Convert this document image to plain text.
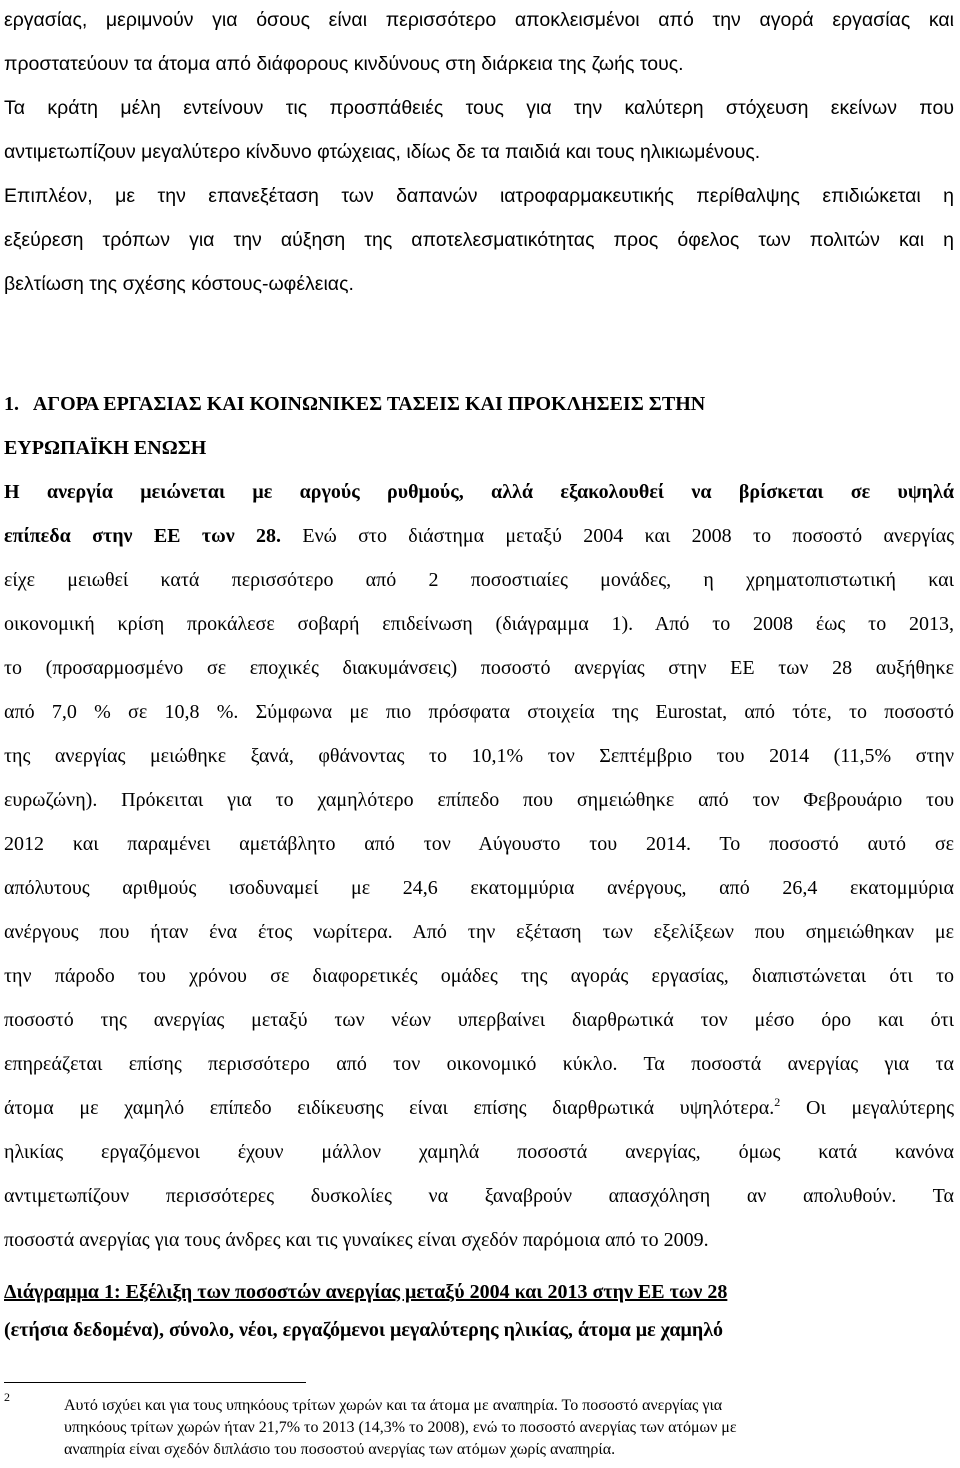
εργασίας, μεριμνούν για όσους είναι περισσότερο αποκλεισμένοι από την αγορά εργασίας και
προστατεύουν τα άτομα από διάφορους κινδύνους στη διάρκεια της ζωής τους.
Τα κράτη μέλη εντείνουν τις προσπάθειές τους για την καλύτερη στόχευση εκείνων που
αντιμετωπίζουν μεγαλύτερο κίνδυνο φτώχειας, ιδίως δε τα παιδιά και τους ηλικιωμένους.
Επιπλέον, με την επανεξέταση των δαπανών ιατροφαρμακευτικής περίθαλψης επιδιώκεται η
εξεύρεση τρόπων για την αύξηση της αποτελεσματικότητας προς όφελος των πολιτών και η
βελτίωση της σχέσης κόστους-ωφέλειας.
1.   ΑΓΟΡΑ ΕΡΓΑΣΙΑΣ ΚΑΙ ΚΟΙΝΩΝΙΚΕΣ ΤΑΣΕΙΣ ΚΑΙ ΠΡΟΚΛΗΣΕΙΣ ΣΤΗΝ
ΕΥΡΩΠΑΪΚΗ ΕΝΩΣΗ
Η ανεργία μειώνεται με αργούς ρυθμούς, αλλά εξακολουθεί να βρίσκεται σε υψηλά
επίπεδα στην ΕΕ των 28. Ενώ στο διάστημα μεταξύ 2004 και 2008 το ποσοστό ανεργίας
είχε μειωθεί κατά περισσότερο από 2 ποσοστιαίες μονάδες, η χρηματοπιστωτική και
οικονομική κρίση προκάλεσε σοβαρή επιδείνωση (διάγραμμα 1). Από το 2008 έως το 2013,
το (προσαρμοσμένο σε εποχικές διακυμάνσεις) ποσοστό ανεργίας στην ΕΕ των 28 αυξήθηκε
από 7,0 % σε 10,8 %. Σύμφωνα με πιο πρόσφατα στοιχεία της Eurostat, από τότε, το ποσοστό
της ανεργίας μειώθηκε ξανά, φθάνοντας το 10,1% τον Σεπτέμβριο του 2014 (11,5% στην
ευρωζώνη). Πρόκειται για το χαμηλότερο επίπεδο που σημειώθηκε από τον Φεβρουάριο του
2012 και παραμένει αμετάβλητο από τον Αύγουστο του 2014. Το ποσοστό αυτό σε
απόλυτους αριθμούς ισοδυναμεί με 24,6 εκατομμύρια ανέργους, από 26,4 εκατομμύρια
ανέργους που ήταν ένα έτος νωρίτερα. Από την εξέταση των εξελίξεων που σημειώθηκαν με
την πάροδο του χρόνου σε διαφορετικές ομάδες της αγοράς εργασίας, διαπιστώνεται ότι το
ποσοστό της ανεργίας μεταξύ των νέων υπερβαίνει διαρθρωτικά τον μέσο όρο και ότι
επηρεάζεται επίσης περισσότερο από τον οικονομικό κύκλο. Τα ποσοστά ανεργίας για τα
άτομα με χαμηλό επίπεδο ειδίκευσης είναι επίσης διαρθρωτικά υψηλότερα.$^2$ Οι μεγαλύτερης
ηλικίας εργαζόμενοι έχουν μάλλον χαμηλά ποσοστά ανεργίας, όμως κατά κανόνα
αντιμετωπίζουν περισσότερες δυσκολίες να ξαναβρούν απασχόληση αν απολυθούν. Τα
ποσοστά ανεργίας για τους άνδρες και τις γυναίκες είναι σχεδόν παρόμοια από το 2009.
Διάγραμμα 1: Εξέλιξη των ποσοστών ανεργίας μεταξύ 2004 και 2013 στην ΕΕ των 28
(ετήσια δεδομένα), σύνολο, νέοι, εργαζόμενοι μεγαλύτερης ηλικίας, άτομα με χαμηλό
2	Αυτό ισχύει και για τους υπηκόους τρίτων χωρών και τα άτομα με αναπηρία. Το ποσοστό ανεργίας για
υπηκόους τρίτων χωρών ήταν 21,7% το 2013 (14,3% το 2008), ενώ το ποσοστό ανεργίας των ατόμων με
αναπηρία είναι σχεδόν διπλάσιο του ποσοστού ανεργίας των ατόμων χωρίς αναπηρία.
